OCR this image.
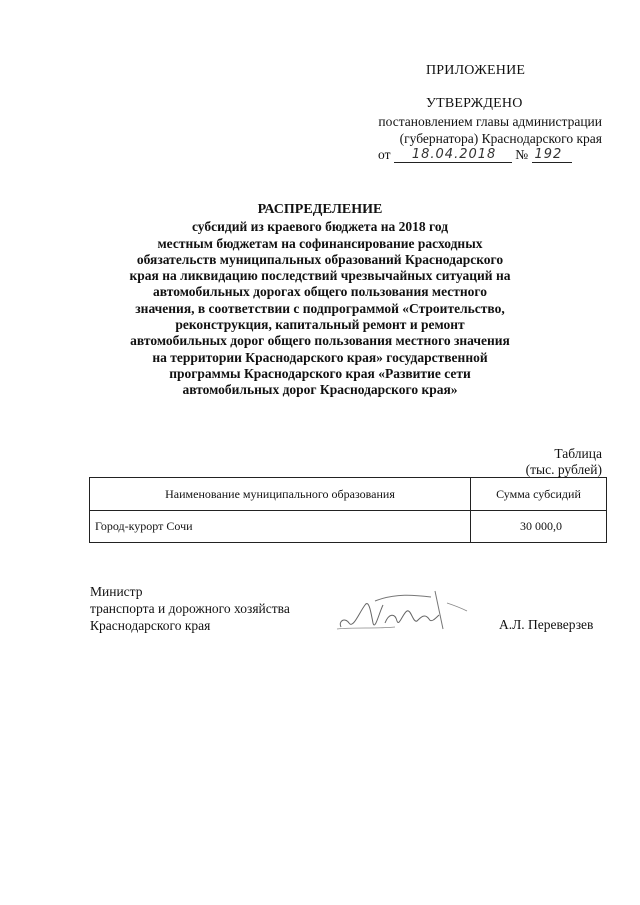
ПРИЛОЖЕНИЕ
УТВЕРЖДЕНО
постановлением главы администрации
(губернатора) Краснодарского края
от 18.04.2018 № 192
РАСПРЕДЕЛЕНИЕ
субсидий из краевого бюджета на 2018 год
местным бюджетам на софинансирование расходных
обязательств муниципальных образований Краснодарского
края на ликвидацию последствий чрезвычайных ситуаций на
автомобильных дорогах общего пользования местного
значения, в соответствии с подпрограммой «Строительство,
реконструкция, капитальный ремонт и ремонт
автомобильных дорог общего пользования местного значения
на территории Краснодарского края» государственной
программы Краснодарского края «Развитие сети
автомобильных дорог Краснодарского края»
Таблица
(тыс. рублей)
Наименование муниципального образования	Сумма субсидий
Город-курорт Сочи	30 000,0
Министр
транспорта и дорожного хозяйства
Краснодарского края	А.Л. Переверзев
